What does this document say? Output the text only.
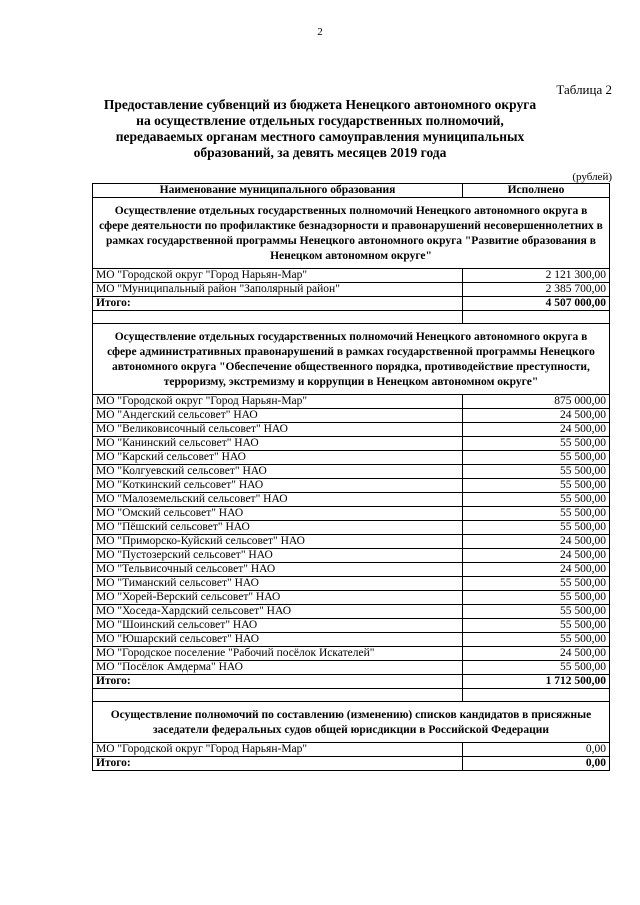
2
Таблица 2
Предоставление субвенций из бюджета Ненецкого автономного округа на осуществление отдельных государственных полномочий, передаваемых органам местного самоуправления муниципальных образований, за девять месяцев 2019 года
(рублей)
Наименование муниципального образования	Исполнено
Осуществление отдельных государственных полномочий Ненецкого автономного округа в сфере деятельности по профилактике безнадзорности и правонарушений несовершеннолетних в рамках государственной программы Ненецкого автономного округа "Развитие образования в Ненецком автономном округе"	
МО "Городской округ "Город Нарьян-Мар"	2 121 300,00
МО "Муниципальный район "Заполярный район"	2 385 700,00
Итого:	4 507 000,00

Осуществление отдельных государственных полномочий Ненецкого автономного округа в сфере административных правонарушений в рамках государственной программы Ненецкого автономного округа "Обеспечение общественного порядка, противодействие преступности, терроризму, экстремизму и коррупции в Ненецком автономном округе"	
МО "Городской округ "Город Нарьян-Мар"	875 000,00
МО "Андегский сельсовет" НАО	24 500,00
МО "Великовисочный сельсовет" НАО	24 500,00
МО "Канинский сельсовет" НАО	55 500,00
МО "Карский сельсовет" НАО	55 500,00
МО "Колгуевский сельсовет" НАО	55 500,00
МО "Коткинский сельсовет" НАО	55 500,00
МО "Малоземельский сельсовет" НАО	55 500,00
МО "Омский сельсовет" НАО	55 500,00
МО "Пёшский сельсовет" НАО	55 500,00
МО "Приморско-Куйский сельсовет" НАО	24 500,00
МО "Пустозерский сельсовет" НАО	24 500,00
МО "Тельвисочный сельсовет" НАО	24 500,00
МО "Тиманский сельсовет" НАО	55 500,00
МО "Хорей-Верский сельсовет" НАО	55 500,00
МО "Хоседа-Хардский сельсовет" НАО	55 500,00
МО "Шоинский сельсовет" НАО	55 500,00
МО "Юшарский сельсовет" НАО	55 500,00
МО "Городское поселение "Рабочий посёлок Искателей"	24 500,00
МО "Посёлок Амдерма" НАО	55 500,00
Итого:	1 712 500,00

Осуществление полномочий по составлению (изменению) списков кандидатов в присяжные заседатели федеральных судов общей юрисдикции в Российской Федерации	
МО "Городской округ "Город Нарьян-Мар"	0,00
Итого:	0,00
